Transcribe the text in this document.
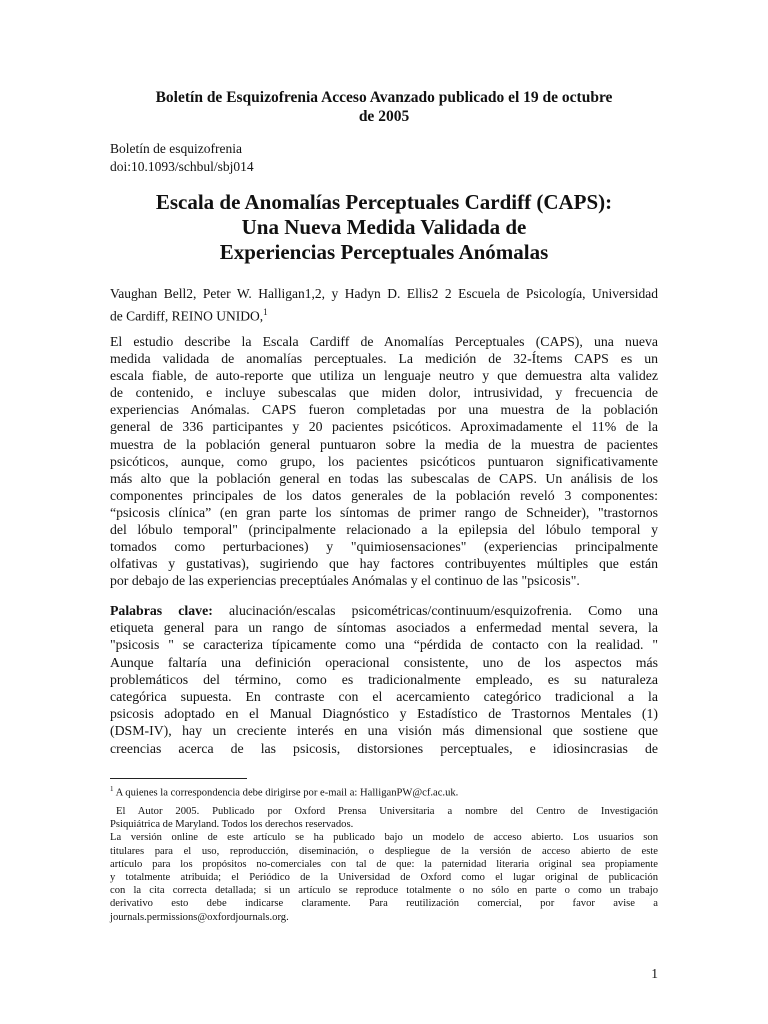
Boletín de Esquizofrenia Acceso Avanzado publicado el 19 de octubre
de 2005
Boletín de esquizofrenia
doi:10.1093/schbul/sbj014
Escala de Anomalías Perceptuales Cardiff (CAPS):
Una Nueva Medida Validada de
Experiencias Perceptuales Anómalas
Vaughan Bell2, Peter W. Halligan1,2, y Hadyn D. Ellis2 2 Escuela de Psicología, Universidad
de Cardiff, REINO UNIDO,$^1$
El estudio describe la Escala Cardiff de Anomalías Perceptuales (CAPS), una nueva
medida validada de anomalías perceptuales. La medición de 32-Ítems CAPS es un
escala fiable, de auto-reporte que utiliza un lenguaje neutro y que demuestra alta validez
de contenido, e incluye subescalas que miden dolor, intrusividad, y frecuencia de
experiencias Anómalas. CAPS fueron completadas por una muestra de la población
general de 336 participantes y 20 pacientes psicóticos. Aproximadamente el 11% de la
muestra de la población general puntuaron sobre la media de la muestra de pacientes
psicóticos, aunque, como grupo, los pacientes psicóticos puntuaron significativamente
más alto que la población general en todas las subescalas de CAPS. Un análisis de los
componentes principales de los datos generales de la población reveló 3 componentes:
“psicosis clínica” (en gran parte los síntomas de primer rango de Schneider), "trastornos
del lóbulo temporal" (principalmente relacionado a la epilepsia del lóbulo temporal y
tomados como perturbaciones) y "quimiosensaciones" (experiencias principalmente
olfativas y gustativas), sugiriendo que hay factores contribuyentes múltiples que están
por debajo de las experiencias preceptúales Anómalas y el continuo de las "psicosis".
Palabras clave: alucinación/escalas psicométricas/continuum/esquizofrenia. Como una
etiqueta general para un rango de síntomas asociados a enfermedad mental severa, la
"psicosis " se caracteriza típicamente como una “pérdida de contacto con la realidad. "
Aunque faltaría una definición operacional consistente, uno de los aspectos más
problemáticos del término, como es tradicionalmente empleado, es su naturaleza
categórica supuesta. En contraste con el acercamiento categórico tradicional a la
psicosis adoptado en el Manual Diagnóstico y Estadístico de Trastornos Mentales (1)
(DSM-IV), hay un creciente interés en una visión más dimensional que sostiene que
creencias acerca de las psicosis, distorsiones perceptuales, e idiosincrasias de
$^1$ A quienes la correspondencia debe dirigirse por e-mail a: HalliganPW@cf.ac.uk.
El Autor 2005. Publicado por Oxford Prensa Universitaria a nombre del Centro de Investigación
Psiquiátrica de Maryland. Todos los derechos reservados.
La versión online de este artículo se ha publicado bajo un modelo de acceso abierto. Los usuarios son
titulares para el uso, reproducción, diseminación, o despliegue de la versión de acceso abierto de este
artículo para los propósitos no-comerciales con tal de que: la paternidad literaria original sea propiamente
y totalmente atribuida; el Periódico de la Universidad de Oxford como el lugar original de publicación
con la cita correcta detallada; si un artículo se reproduce totalmente o no sólo en parte o como un trabajo
derivativo esto debe indicarse claramente. Para reutilización comercial, por favor avise a
journals.permissions@oxfordjournals.org.
1
